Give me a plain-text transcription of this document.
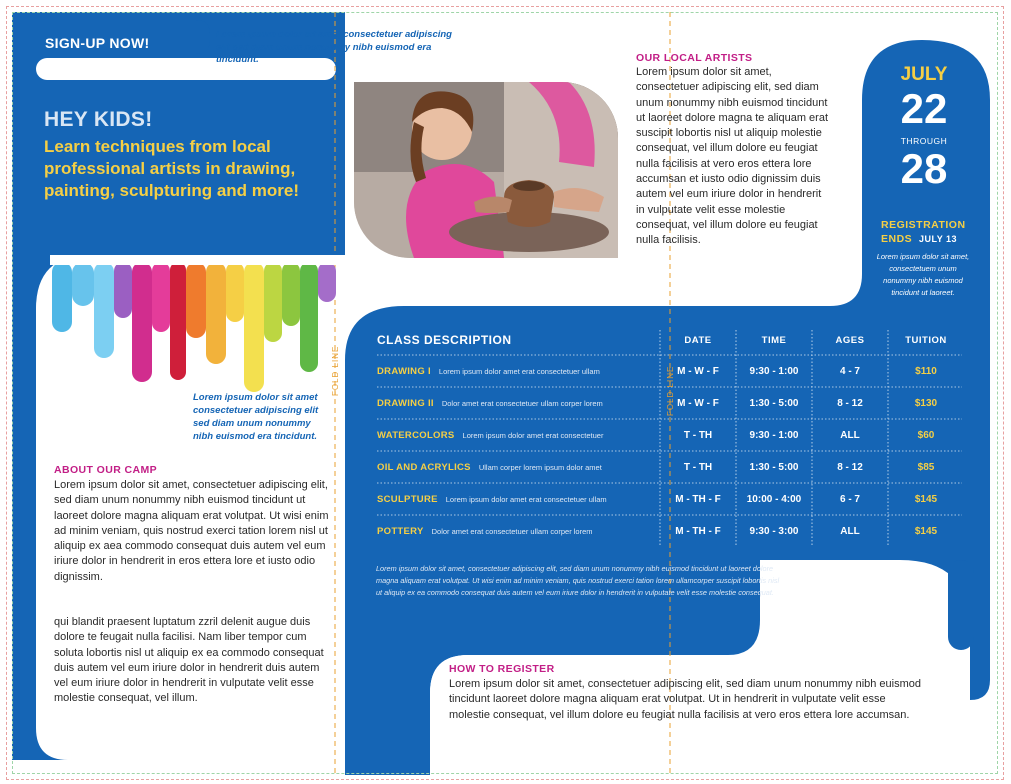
SIGN-UP NOW!
Lorem ipsum dolor sit amet consectetuer adipiscing elit sed diam unum nonummy nibh euismod era tincidunt.
HEY KIDS!
Learn techniques from local professional artists in drawing, painting, sculpturing and more!
OUR LOCAL ARTISTS
Lorem ipsum dolor sit amet, consectetuer adipiscing elit, sed diam unum nonummy nibh euismod tincidunt ut laoreet dolore magna te aliquam erat suscipit lobortis nisl ut aliquip molestie consequat, vel illum dolore eu feugiat nulla facilisis at vero eros ettera lore accumsan et iusto odio dignissim duis autem vel eum iriure dolor in hendrerit in vulputate velit esse molestie consequat, vel illum dolore eu feugiat nulla facilisis.
Lorem ipsum dolor sit amet consectetuer adipiscing elit sed diam unum nonummy nibh euismod era tincidunt.
ABOUT OUR CAMP
Lorem ipsum dolor sit amet, consectetuer adipiscing elit, sed diam unum nonummy nibh euismod tincidunt ut laoreet dolore magna aliquam erat volutpat. Ut wisi enim ad minim veniam, quis nostrud exerci tation lorem nisl ut aliquip ex aea commodo consequat duis autem vel eum iriure dolor in hendrerit in eros ettera lore et iusto odio dignissim.
qui blandit praesent luptatum zzril delenit augue duis dolore te feugait nulla facilisi. Nam liber tempor cum soluta lobortis nisl ut aliquip ex ea commodo consequat duis autem vel eum iriure dolor in hendrerit duis autem vel eum iriure dolor in hendrerit in vulputate velit esse molestie consequat, vel illum.
JULY
22
THROUGH
28
REGISTRATION
ENDS JULY 13
Lorem ipsum dolor sit amet, consectetuem unum nonummy nibh euismod tincidunt ut laoreet.
CLASS DESCRIPTION	DATE	TIME	AGES	TUITION
DRAWING I Lorem ipsum dolor amet erat consectetuer ullam	M - W - F	9:30 - 1:00	4 - 7	$110
DRAWING II Dolor amet erat consectetuer ullam corper lorem	M - W - F	1:30 - 5:00	8 - 12	$130
WATERCOLORS Lorem ipsum dolor amet erat consectetuer	T - TH	9:30 - 1:00	ALL	$60
OIL AND ACRYLICS Ullam corper lorem ipsum dolor amet	T - TH	1:30 - 5:00	8 - 12	$85
SCULPTURE Lorem ipsum dolor amet erat consectetuer ullam	M - TH - F	10:00 - 4:00	6 - 7	$145
POTTERY Dolor amet erat consectetuer ullam corper lorem	M - TH - F	9:30 - 3:00	ALL	$145
Lorem ipsum dolor sit amet, consectetuer adipiscing elit, sed diam unum nonummy nibh euismod tincidunt ut laoreet dolore magna aliquam erat volutpat. Ut wisi enim ad minim veniam, quis nostrud exerci tation lorem ullamcorper suscipit lobortis nisl ut aliquip ex ea commodo consequat duis autem vel eum iriure dolor in hendrerit in vulputate velit esse molestie consequat.
HOW TO REGISTER
Lorem ipsum dolor sit amet, consectetuer adipiscing elit, sed diam unum nonummy nibh euismod tincidunt laoreet dolore magna aliquam erat volutpat. Ut in hendrerit in vulputate velit esse molestie consequat, vel illum dolore eu feugiat nulla facilisis at vero eros ettera lore accumsan.
FOLD LINE	FOLD LINE
